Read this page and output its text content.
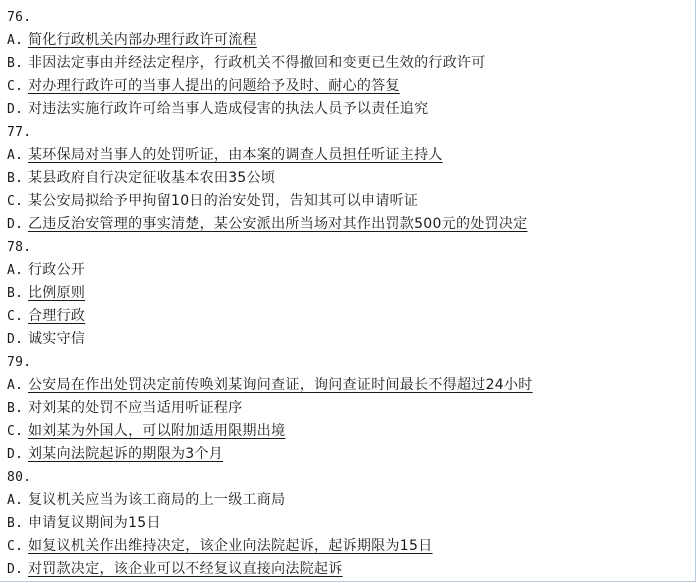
76.
A. 简化行政机关内部办理行政许可流程
B. 非因法定事由并经法定程序，行政机关不得撤回和变更已生效的行政许可
C. 对办理行政许可的当事人提出的问题给予及时、耐心的答复
D. 对违法实施行政许可给当事人造成侵害的执法人员予以责任追究
77.
A. 某环保局对当事人的处罚听证，由本案的调查人员担任听证主持人
B. 某县政府自行决定征收基本农田35公顷
C. 某公安局拟给予甲拘留10日的治安处罚，告知其可以申请听证
D. 乙违反治安管理的事实清楚，某公安派出所当场对其作出罚款500元的处罚决定
78.
A. 行政公开
B. 比例原则
C. 合理行政
D. 诚实守信
79.
A. 公安局在作出处罚决定前传唤刘某询问查证，询问查证时间最长不得超过24小时
B. 对刘某的处罚不应当适用听证程序
C. 如刘某为外国人，可以附加适用限期出境
D. 刘某向法院起诉的期限为3个月
80.
A. 复议机关应当为该工商局的上一级工商局
B. 申请复议期间为15日
C. 如复议机关作出维持决定，该企业向法院起诉，起诉期限为15日
D. 对罚款决定，该企业可以不经复议直接向法院起诉
